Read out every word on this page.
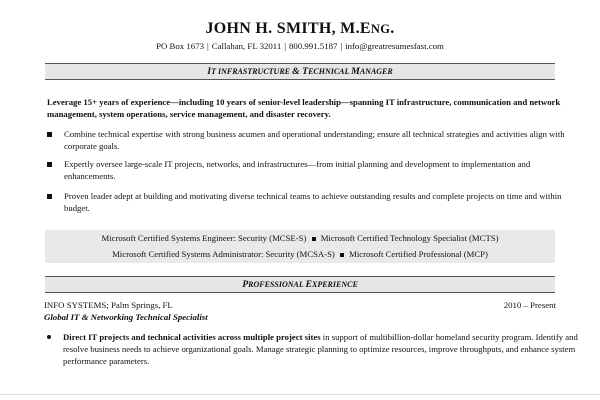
JOHN H. SMITH, M.ENG.
PO Box 1673 | Callahan, FL 32011 | 800.991.5187 | info@greatresumesfast.com
IT INFRASTRUCTURE & TECHNICAL MANAGER
Leverage 15+ years of experience—including 10 years of senior-level leadership—spanning IT infrastructure, communication and network management, system operations, service management, and disaster recovery.
Combine technical expertise with strong business acumen and operational understanding; ensure all technical strategies and activities align with corporate goals.
Expertly oversee large-scale IT projects, networks, and infrastructures—from initial planning and development to implementation and enhancements.
Proven leader adept at building and motivating diverse technical teams to achieve outstanding results and complete projects on time and within budget.
Microsoft Certified Systems Engineer: Security (MCSE-S) Microsoft Certified Technology Specialist (MCTS)
Microsoft Certified Systems Administrator: Security (MCSA-S) Microsoft Certified Professional (MCP)
PROFESSIONAL EXPERIENCE
INFO SYSTEMS; Palm Springs, FL	2010 – Present
Global IT & Networking Technical Specialist
Direct IT projects and technical activities across multiple project sites in support of multibillion-dollar homeland security program. Identify and resolve business needs to achieve organizational goals. Manage strategic planning to optimize resources, improve throughputs, and enhance system performance parameters.
